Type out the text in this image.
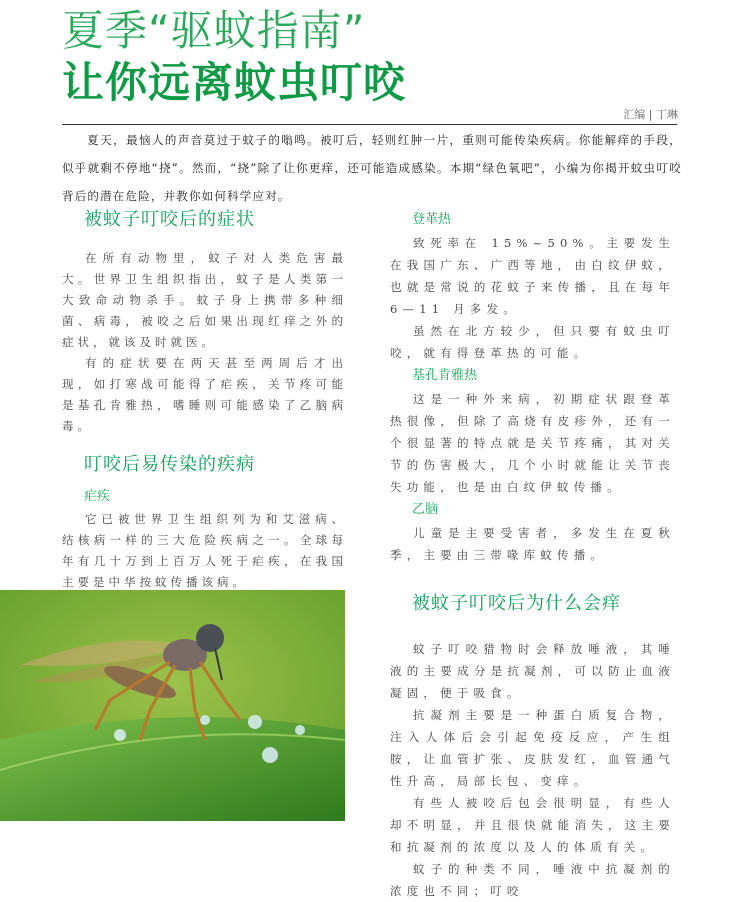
夏季“驱蚊指南”
让你远离蚊虫叮咬
汇编 | 丁琳
夏天，最恼人的声音莫过于蚊子的嗡鸣。被叮后，轻则红肿一片，重则可能传染疾病。你能解痒的手段，似乎就剩不停地“挠”。然而，“挠”除了让你更痒，还可能造成感染。本期“绿色氧吧”，小编为你揭开蚊虫叮咬背后的潜在危险，并教你如何科学应对。
被蚊子叮咬后的症状

在所有动物里，蚊子对人类危害最大。世界卫生组织指出，蚊子是人类第一大致命动物杀手。蚊子身上携带多种细菌、病毒，被咬之后如果出现红痒之外的症状，就该及时就医。

有的症状要在两天甚至两周后才出现，如打寒战可能得了疟疾，关节疼可能是基孔肯雅热，嗜睡则可能感染了乙脑病毒。

叮咬后易传染的疾病
疟疾

它已被世界卫生组织列为和艾滋病、结核病一样的三大危险疾病之一。全球每年有几十万到上百万人死于疟疾，在我国主要是中华按蚊传播该病。

登革热

致死率在 15%~50%。主要发生在我国广东、广西等地，由白纹伊蚊，也就是常说的花蚊子来传播，且在每年 6—11 月多发。

虽然在北方较少，但只要有蚊虫叮咬，就有得登革热的可能。

基孔肯雅热

这是一种外来病，初期症状跟登革热很像，但除了高烧有皮疹外，还有一个很显著的特点就是关节疼痛，其对关节的伤害极大，几个小时就能让关节丧失功能，也是由白纹伊蚊传播。

乙脑

儿童是主要受害者，多发生在夏秋季，主要由三带喙库蚊传播。

被蚊子叮咬后为什么会痒

蚊子叮咬猎物时会释放唾液，其唾液的主要成分是抗凝剂，可以防止血液凝固，便于吸食。

抗凝剂主要是一种蛋白质复合物，注入人体后会引起免疫反应，产生组胺，让血管扩张、皮肤发红，血管通气性升高，局部长包、变痒。

有些人被咬后包会很明显，有些人却不明显，并且很快就能消失，这主要和抗凝剂的浓度以及人的体质有关。

蚊子的种类不同，唾液中抗凝剂的浓度也不同；叮咬
